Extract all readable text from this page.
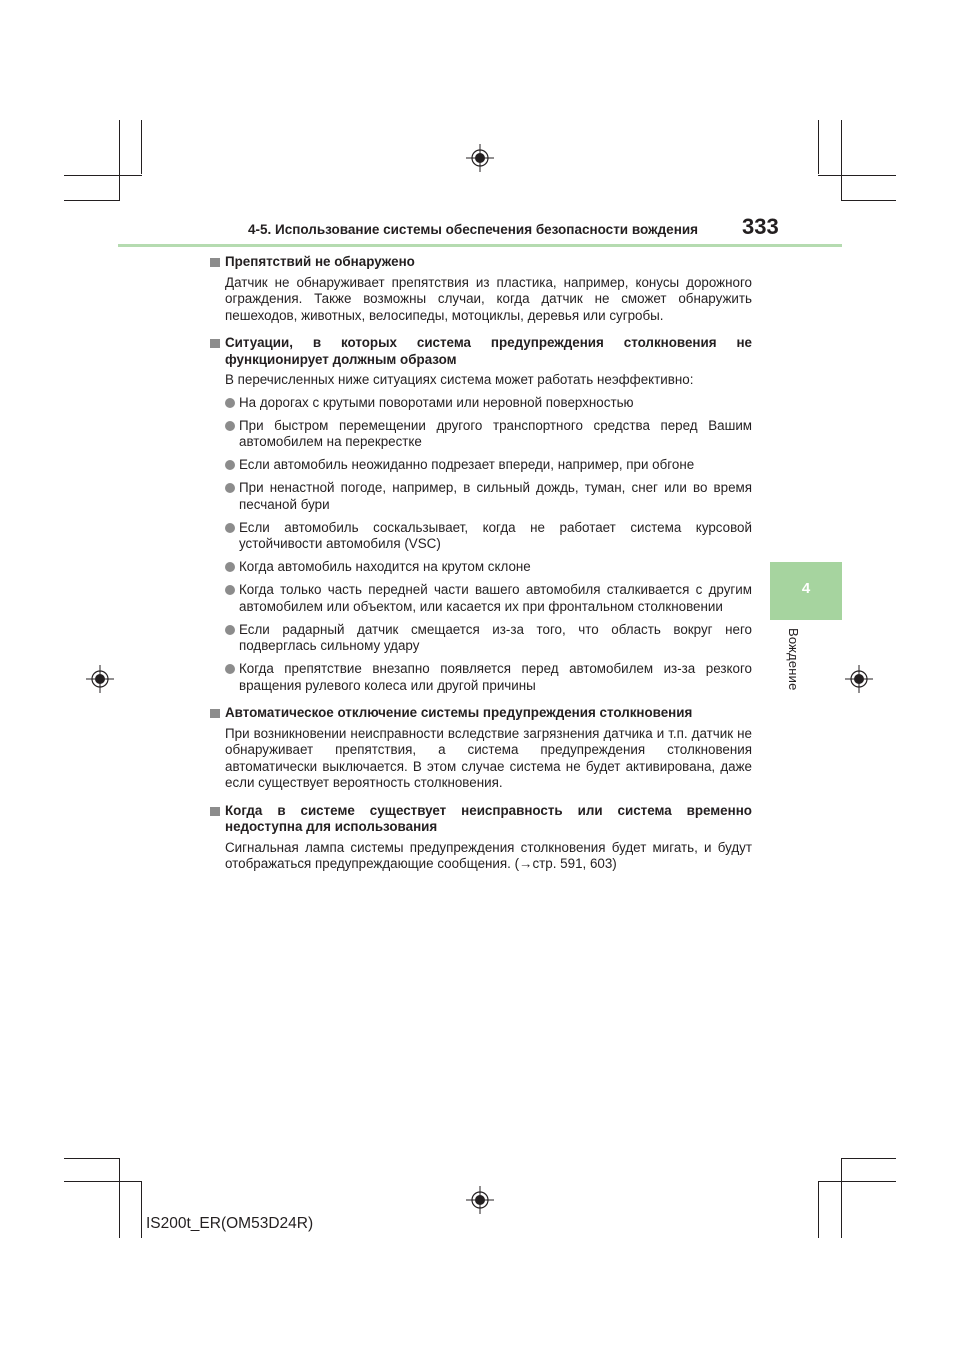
4-5. Использование системы обеспечения безопасности вождения 333
4
Вождение
Препятствий не обнаружено
Датчик не обнаруживает препятствия из пластика, например, конусы дорожного ограждения. Также возможны случаи, когда датчик не сможет обнаружить пешеходов, животных, велосипеды, мотоциклы, деревья или сугробы.
Ситуации, в которых система предупреждения столкновения не функционирует должным образом
В перечисленных ниже ситуациях система может работать неэффективно:
На дорогах с крутыми поворотами или неровной поверхностью
При быстром перемещении другого транспортного средства перед Вашим автомобилем на перекрестке
Если автомобиль неожиданно подрезает впереди, например, при обгоне
При ненастной погоде, например, в сильный дождь, туман, снег или во время песчаной бури
Если автомобиль соскальзывает, когда не работает система курсовой устойчивости автомобиля (VSC)
Когда автомобиль находится на крутом склоне
Когда только часть передней части вашего автомобиля сталкивается с другим автомобилем или объектом, или касается их при фронтальном столкновении
Если радарный датчик смещается из-за того, что область вокруг него подверглась сильному удару
Когда препятствие внезапно появляется перед автомобилем из-за резкого вращения рулевого колеса или другой причины
Автоматическое отключение системы предупреждения столкновения
При возникновении неисправности вследствие загрязнения датчика и т.п. датчик не обнаруживает препятствия, а система предупреждения столкновения автоматически выключается. В этом случае система не будет активирована, даже если существует вероятность столкновения.
Когда в системе существует неисправность или система временно недоступна для использования
Сигнальная лампа системы предупреждения столкновения будет мигать, и будут отображаться предупреждающие сообщения. (→стр. 591, 603)
IS200t_ER(OM53D24R)
